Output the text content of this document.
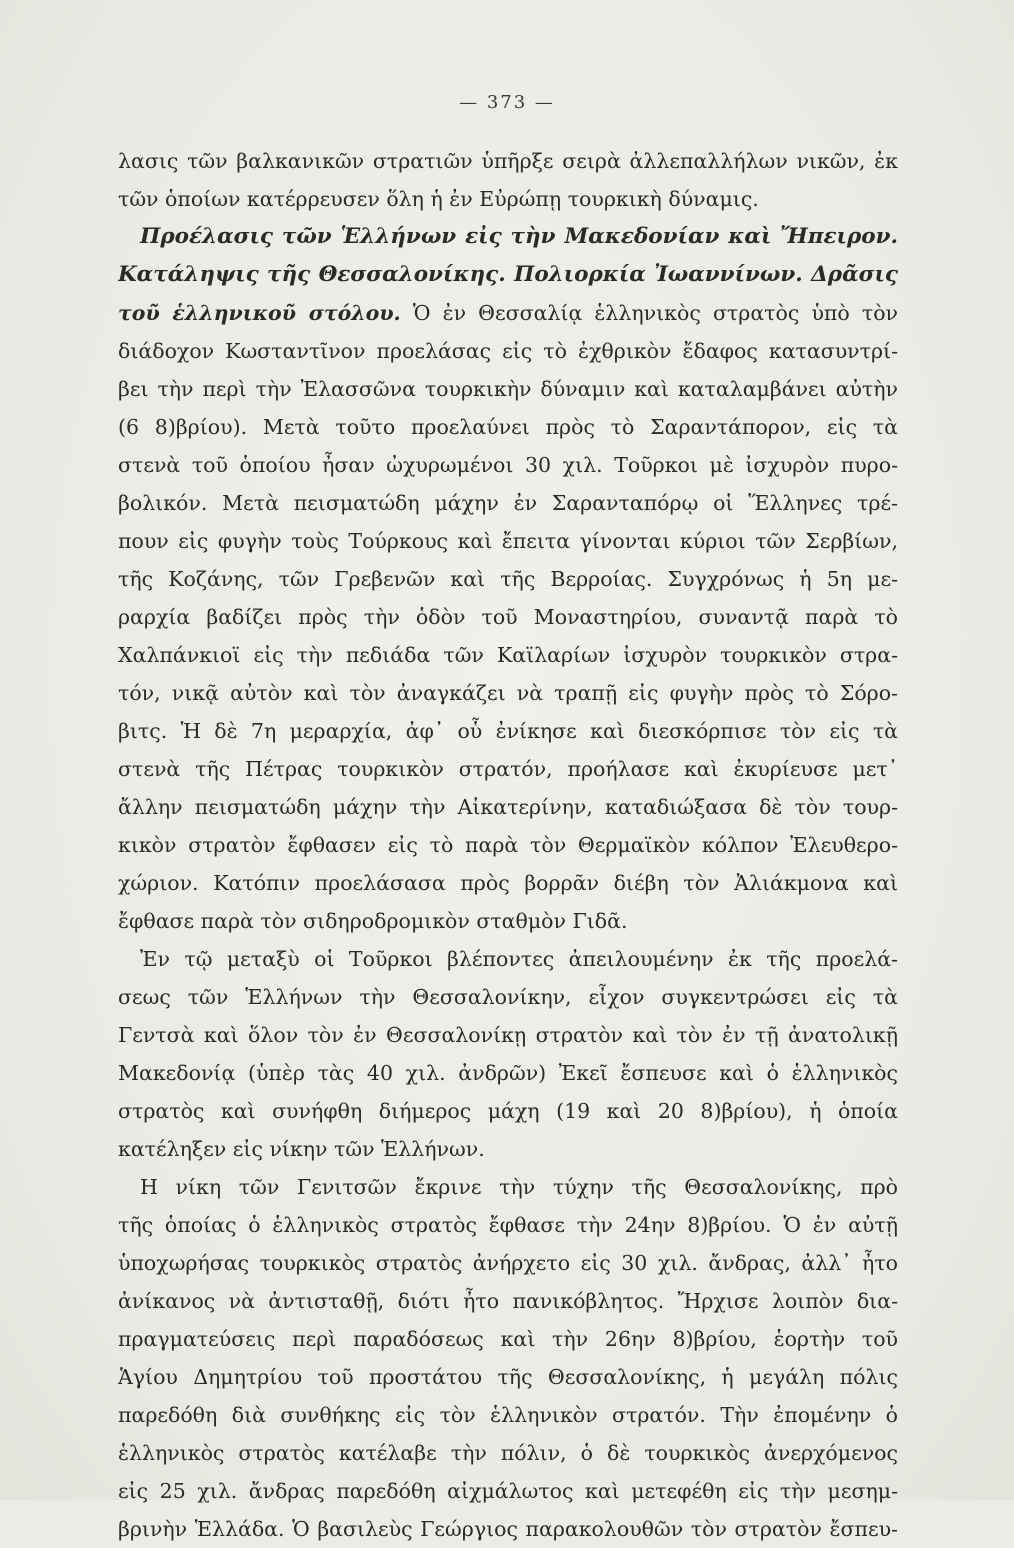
— 373 —
λασις τῶν βαλκανικῶν στρατιῶν ὑπῆρξε σειρὰ ἀλλεπαλλήλων νικῶν, ἐκ
τῶν ὁποίων κατέρρευσεν ὅλη ἡ ἐν Εὐρώπῃ τουρκικὴ δύναμις.
Προέλασις τῶν Ἑλλήνων εἰς τὴν Μακεδονίαν καὶ Ἤπειρον.
Κατάληψις τῆς Θεσσαλονίκης. Πολιορκία Ἰωαννίνων. Δρᾶσις
τοῦ ἑλληνικοῦ στόλου. Ὁ ἐν Θεσσαλίᾳ ἑλληνικὸς στρατὸς ὑπὸ τὸν
διάδοχον Κωσταντῖνον προελάσας εἰς τὸ ἐχθρικὸν ἔδαφος κατασυντρί-
βει τὴν περὶ τὴν Ἐλασσῶνα τουρκικὴν δύναμιν καὶ καταλαμβάνει αὐτὴν
(6 8)βρίου). Μετὰ τοῦτο προελαύνει πρὸς τὸ Σαραντάπορον, εἰς τὰ
στενὰ τοῦ ὁποίου ἦσαν ὠχυρωμένοι 30 χιλ. Τοῦρκοι μὲ ἰσχυρὸν πυρο-
βολικόν. Μετὰ πεισματώδη μάχην ἐν Σαρανταπόρῳ οἱ Ἕλληνες τρέ-
πουν εἰς φυγὴν τοὺς Τούρκους καὶ ἔπειτα γίνονται κύριοι τῶν Σερβίων,
τῆς Κοζάνης, τῶν Γρεβενῶν καὶ τῆς Βερροίας. Συγχρόνως ἡ 5η με-
ραρχία βαδίζει πρὸς τὴν ὁδὸν τοῦ Μοναστηρίου, συναντᾷ παρὰ τὸ
Χαλπάνκιοϊ εἰς τὴν πεδιάδα τῶν Καϊλαρίων ἰσχυρὸν τουρκικὸν στρα-
τόν, νικᾷ αὐτὸν καὶ τὸν ἀναγκάζει νὰ τραπῇ εἰς φυγὴν πρὸς τὸ Σόρο-
βιτς. Ἡ δὲ 7η μεραρχία, ἀφ᾽ οὗ ἐνίκησε καὶ διεσκόρπισε τὸν εἰς τὰ
στενὰ τῆς Πέτρας τουρκικὸν στρατόν, προήλασε καὶ ἐκυρίευσε μετ᾽
ἄλλην πεισματώδη μάχην τὴν Αἰκατερίνην, καταδιώξασα δὲ τὸν τουρ-
κικὸν στρατὸν ἔφθασεν εἰς τὸ παρὰ τὸν Θερμαϊκὸν κόλπον Ἐλευθερο-
χώριον. Κατόπιν προελάσασα πρὸς βορρᾶν διέβη τὸν Ἀλιάκμονα καὶ
ἔφθασε παρὰ τὸν σιδηροδρομικὸν σταθμὸν Γιδᾶ.
Ἐν τῷ μεταξὺ οἱ Τοῦρκοι βλέποντες ἀπειλουμένην ἐκ τῆς προελά-
σεως τῶν Ἑλλήνων τὴν Θεσσαλονίκην, εἶχον συγκεντρώσει εἰς τὰ
Γεντσὰ καὶ ὅλον τὸν ἐν Θεσσαλονίκῃ στρατὸν καὶ τὸν ἐν τῇ ἀνατολικῇ
Μακεδονίᾳ (ὑπὲρ τὰς 40 χιλ. ἀνδρῶν) Ἐκεῖ ἔσπευσε καὶ ὁ ἑλληνικὸς
στρατὸς καὶ συνήφθη διήμερος μάχη (19 καὶ 20 8)βρίου), ἡ ὁποία
κατέληξεν εἰς νίκην τῶν Ἑλλήνων.
Η νίκη τῶν Γενιτσῶν ἔκρινε τὴν τύχην τῆς Θεσσαλονίκης, πρὸ
τῆς ὁποίας ὁ ἑλληνικὸς στρατὸς ἔφθασε τὴν 24ην 8)βρίου. Ὁ ἐν αὐτῇ
ὑποχωρήσας τουρκικὸς στρατὸς ἀνήρχετο εἰς 30 χιλ. ἄνδρας, ἀλλ᾽ ἦτο
ἀνίκανος νὰ ἀντισταθῇ, διότι ἦτο πανικόβλητος. Ἤρχισε λοιπὸν δια-
πραγματεύσεις περὶ παραδόσεως καὶ τὴν 26ην 8)βρίου, ἑορτὴν τοῦ
Ἁγίου Δημητρίου τοῦ προστάτου τῆς Θεσσαλονίκης, ἡ μεγάλη πόλις
παρεδόθη διὰ συνθήκης εἰς τὸν ἑλληνικὸν στρατόν. Τὴν ἐπομένην ὁ
ἑλληνικὸς στρατὸς κατέλαβε τὴν πόλιν, ὁ δὲ τουρκικὸς ἀνερχόμενος
εἰς 25 χιλ. ἄνδρας παρεδόθη αἰχμάλωτος καὶ μετεφέθη εἰς τὴν μεσημ-
βρινὴν Ἑλλάδα. Ὁ βασιλεὺς Γεώργιος παρακολουθῶν τὸν στρατὸν ἔσπευ-
